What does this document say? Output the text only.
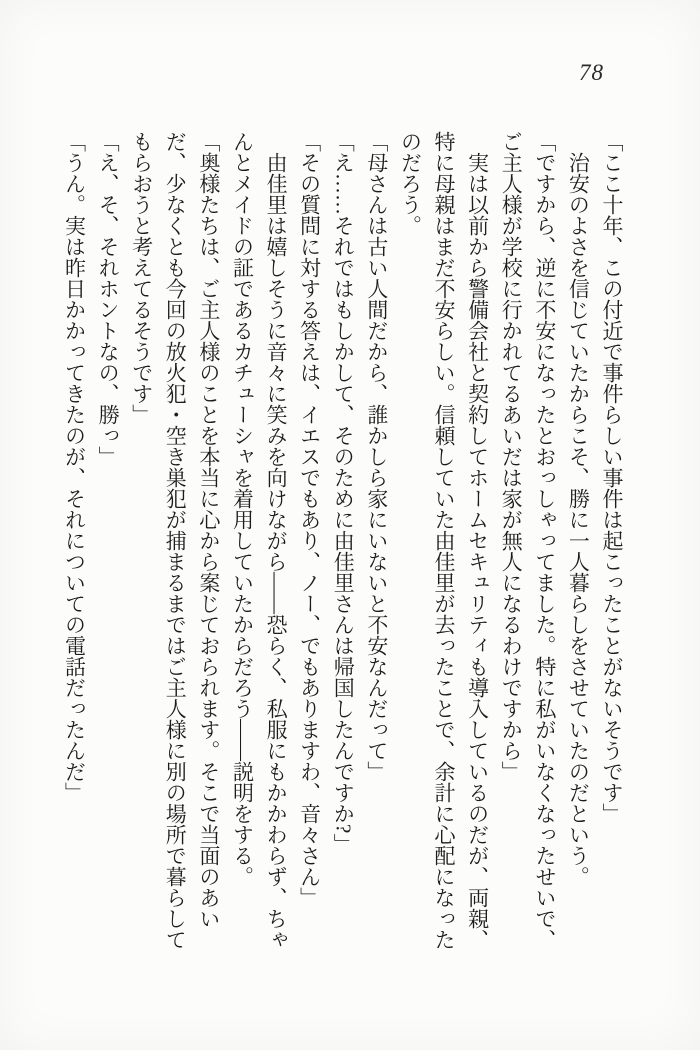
78

「ここ十年、この付近で事件らしい事件は起こったことがないそうです」

治安のよさを信じていたからこそ、勝に一人暮らしをさせていたのだという。

「ですから、逆に不安になったとおっしゃってました。特に私がいなくなったせいで、ご主人様が学校に行かれてるあいだは家が無人になるわけですから」

実は以前から警備会社と契約してホームセキュリティも導入しているのだが、両親、特に母親はまだ不安らしい。信頼していた由佳里が去ったことで、余計に心配になったのだろう。

「母さんは古い人間だから、誰かしら家にいないと不安なんだって」

「え……それではもしかして、そのために由佳里さんは帰国したんですか?」

「その質問に対する答えは、イエスでもあり、ノー、でもありますわ、音々さん」

由佳里は嬉しそうに音々に笑みを向けながら――恐らく、私服にもかかわらず、ちゃんとメイドの証であるカチューシャを着用していたからだろう――説明をする。

「奥様たちは、ご主人様のことを本当に心から案じておられます。そこで当面のあいだ、少なくとも今回の放火犯・空き巣犯が捕まるまではご主人様に別の場所で暮らしてもらおうと考えてるそうです」

「え、そ、それホントなの、勝っ」

「うん。実は昨日かかってきたのが、それについての電話だったんだ」
